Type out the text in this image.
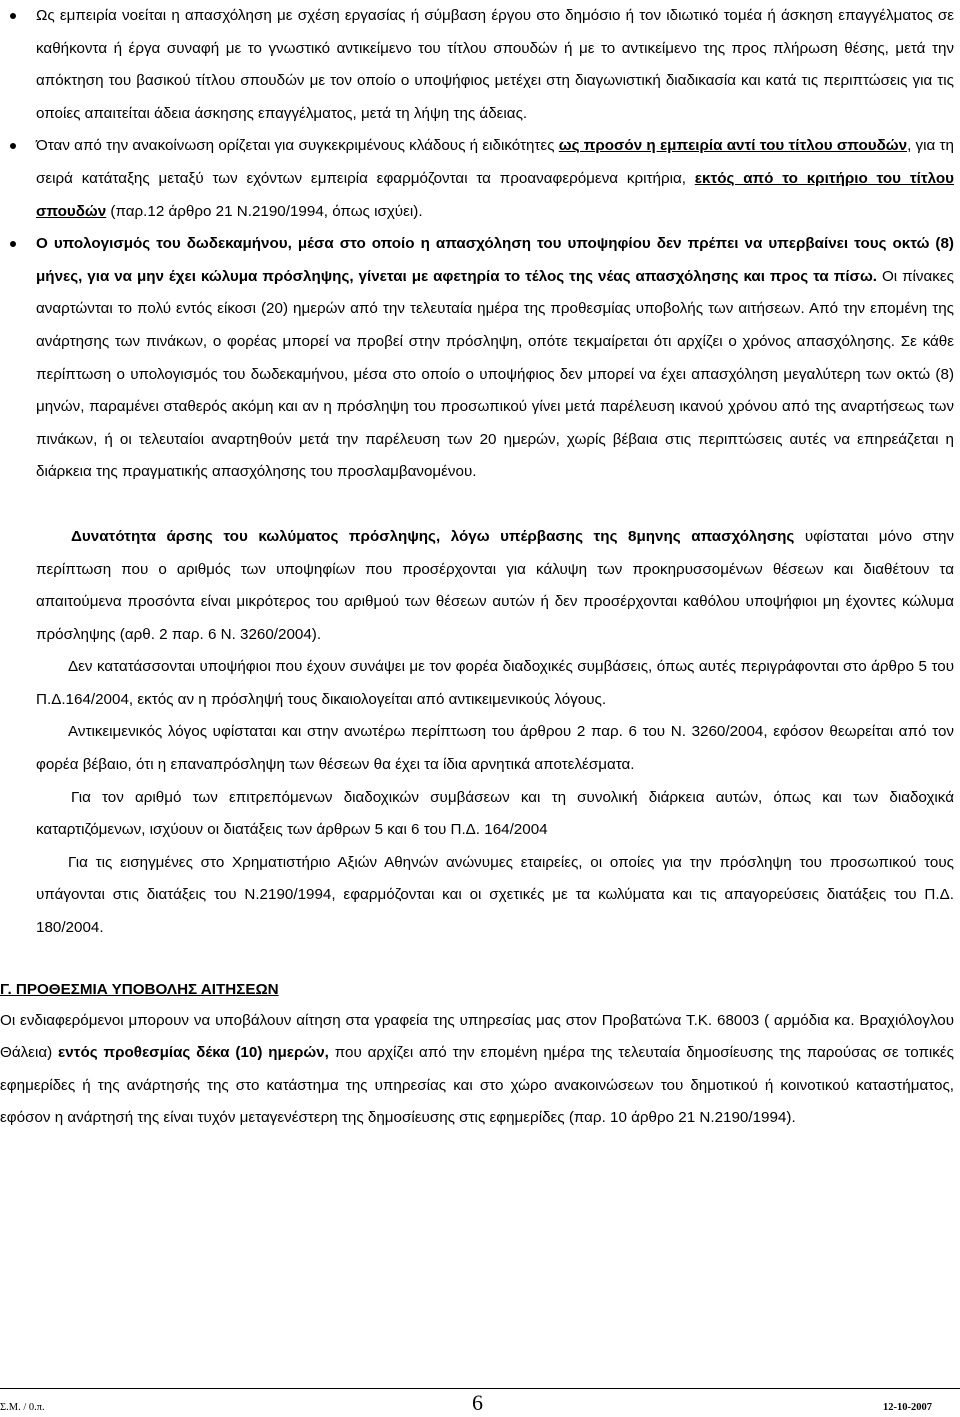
Ως εμπειρία νοείται η απασχόληση με σχέση εργασίας ή σύμβαση έργου στο δημόσιο ή τον ιδιωτικό τομέα ή άσκηση επαγγέλματος σε καθήκοντα ή έργα συναφή με το γνωστικό αντικείμενο του τίτλου σπουδών ή με το αντικείμενο της προς πλήρωση θέσης, μετά την απόκτηση του βασικού τίτλου σπουδών με τον οποίο ο υποψήφιος μετέχει στη διαγωνιστική διαδικασία και κατά τις περιπτώσεις για τις οποίες απαιτείται άδεια άσκησης επαγγέλματος, μετά τη λήψη της άδειας.
Όταν από την ανακοίνωση ορίζεται για συγκεκριμένους κλάδους ή ειδικότητες ως προσόν η εμπειρία αντί του τίτλου σπουδών, για τη σειρά κατάταξης μεταξύ των εχόντων εμπειρία εφαρμόζονται τα προαναφερόμενα κριτήρια, εκτός από το κριτήριο του τίτλου σπουδών (παρ.12 άρθρο 21 Ν.2190/1994, όπως ισχύει).
Ο υπολογισμός του δωδεκαμήνου, μέσα στο οποίο η απασχόληση του υποψηφίου δεν πρέπει να υπερβαίνει τους οκτώ (8) μήνες, για να μην έχει κώλυμα πρόσληψης, γίνεται με αφετηρία το τέλος της νέας απασχόλησης και προς τα πίσω. Οι πίνακες αναρτώνται το πολύ εντός είκοσι (20) ημερών από την τελευταία ημέρα της προθεσμίας υποβολής των αιτήσεων. Από την επομένη της ανάρτησης των πινάκων, ο φορέας μπορεί να προβεί στην πρόσληψη, οπότε τεκμαίρεται ότι αρχίζει ο χρόνος απασχόλησης. Σε κάθε περίπτωση ο υπολογισμός του δωδεκαμήνου, μέσα στο οποίο ο υποψήφιος δεν μπορεί να έχει απασχόληση μεγαλύτερη των οκτώ (8) μηνών, παραμένει σταθερός ακόμη και αν η πρόσληψη του προσωπικού γίνει μετά παρέλευση ικανού χρόνου από της αναρτήσεως των πινάκων, ή οι τελευταίοι αναρτηθούν μετά την παρέλευση των 20 ημερών, χωρίς βέβαια στις περιπτώσεις αυτές να επηρεάζεται η διάρκεια της πραγματικής απασχόλησης του προσλαμβανομένου.

Δυνατότητα άρσης του κωλύματος πρόσληψης, λόγω υπέρβασης της 8μηνης απασχόλησης υφίσταται μόνο στην περίπτωση που ο αριθμός των υποψηφίων που προσέρχονται για κάλυψη των προκηρυσσομένων θέσεων και διαθέτουν τα απαιτούμενα προσόντα είναι μικρότερος του αριθμού των θέσεων αυτών ή δεν προσέρχονται καθόλου υποψήφιοι μη έχοντες κώλυμα πρόσληψης (αρθ. 2 παρ. 6 Ν. 3260/2004).

Δεν κατατάσσονται υποψήφιοι που έχουν συνάψει με τον φορέα διαδοχικές συμβάσεις, όπως αυτές περιγράφονται στο άρθρο 5 του Π.Δ.164/2004, εκτός αν η πρόσληψή τους δικαιολογείται από αντικειμενικούς λόγους.

Αντικειμενικός λόγος υφίσταται και στην ανωτέρω περίπτωση του άρθρου 2 παρ. 6 του Ν. 3260/2004, εφόσον θεωρείται από τον φορέα βέβαιο, ότι η επαναπρόσληψη των θέσεων θα έχει τα ίδια αρνητικά αποτελέσματα.

Για τον αριθμό των επιτρεπόμενων διαδοχικών συμβάσεων και τη συνολική διάρκεια αυτών, όπως και των διαδοχικά καταρτιζόμενων, ισχύουν οι διατάξεις των άρθρων 5 και 6 του Π.Δ. 164/2004

Για τις εισηγμένες στο Χρηματιστήριο Αξιών Αθηνών ανώνυμες εταιρείες, οι οποίες για την πρόσληψη του προσωπικού τους υπάγονται στις διατάξεις του Ν.2190/1994, εφαρμόζονται και οι σχετικές με τα κωλύματα και τις απαγορεύσεις διατάξεις του Π.Δ. 180/2004.

Γ. ΠΡΟΘΕΣΜΙΑ ΥΠΟΒΟΛΗΣ ΑΙΤΗΣΕΩΝ

Οι ενδιαφερόμενοι μπορουν να υποβάλουν αίτηση στα γραφεία της υπηρεσίας μας στον Προβατώνα Τ.Κ. 68003 ( αρμόδια κα. Βραχιόλογλου Θάλεια) εντός προθεσμίας δέκα (10) ημερών, που αρχίζει από την επομένη ημέρα της τελευταία δημοσίευσης της παρούσας σε τοπικές εφημερίδες ή της ανάρτησής της στο κατάστημα της υπηρεσίας και στο χώρο ανακοινώσεων του δημοτικού ή κοινοτικού καταστήματος, εφόσον η ανάρτησή της είναι τυχόν μεταγενέστερη της δημοσίευσης στις εφημερίδες (παρ. 10 άρθρο 21 Ν.2190/1994).

Σ.Μ. / 0.π.	6	12-10-2007
